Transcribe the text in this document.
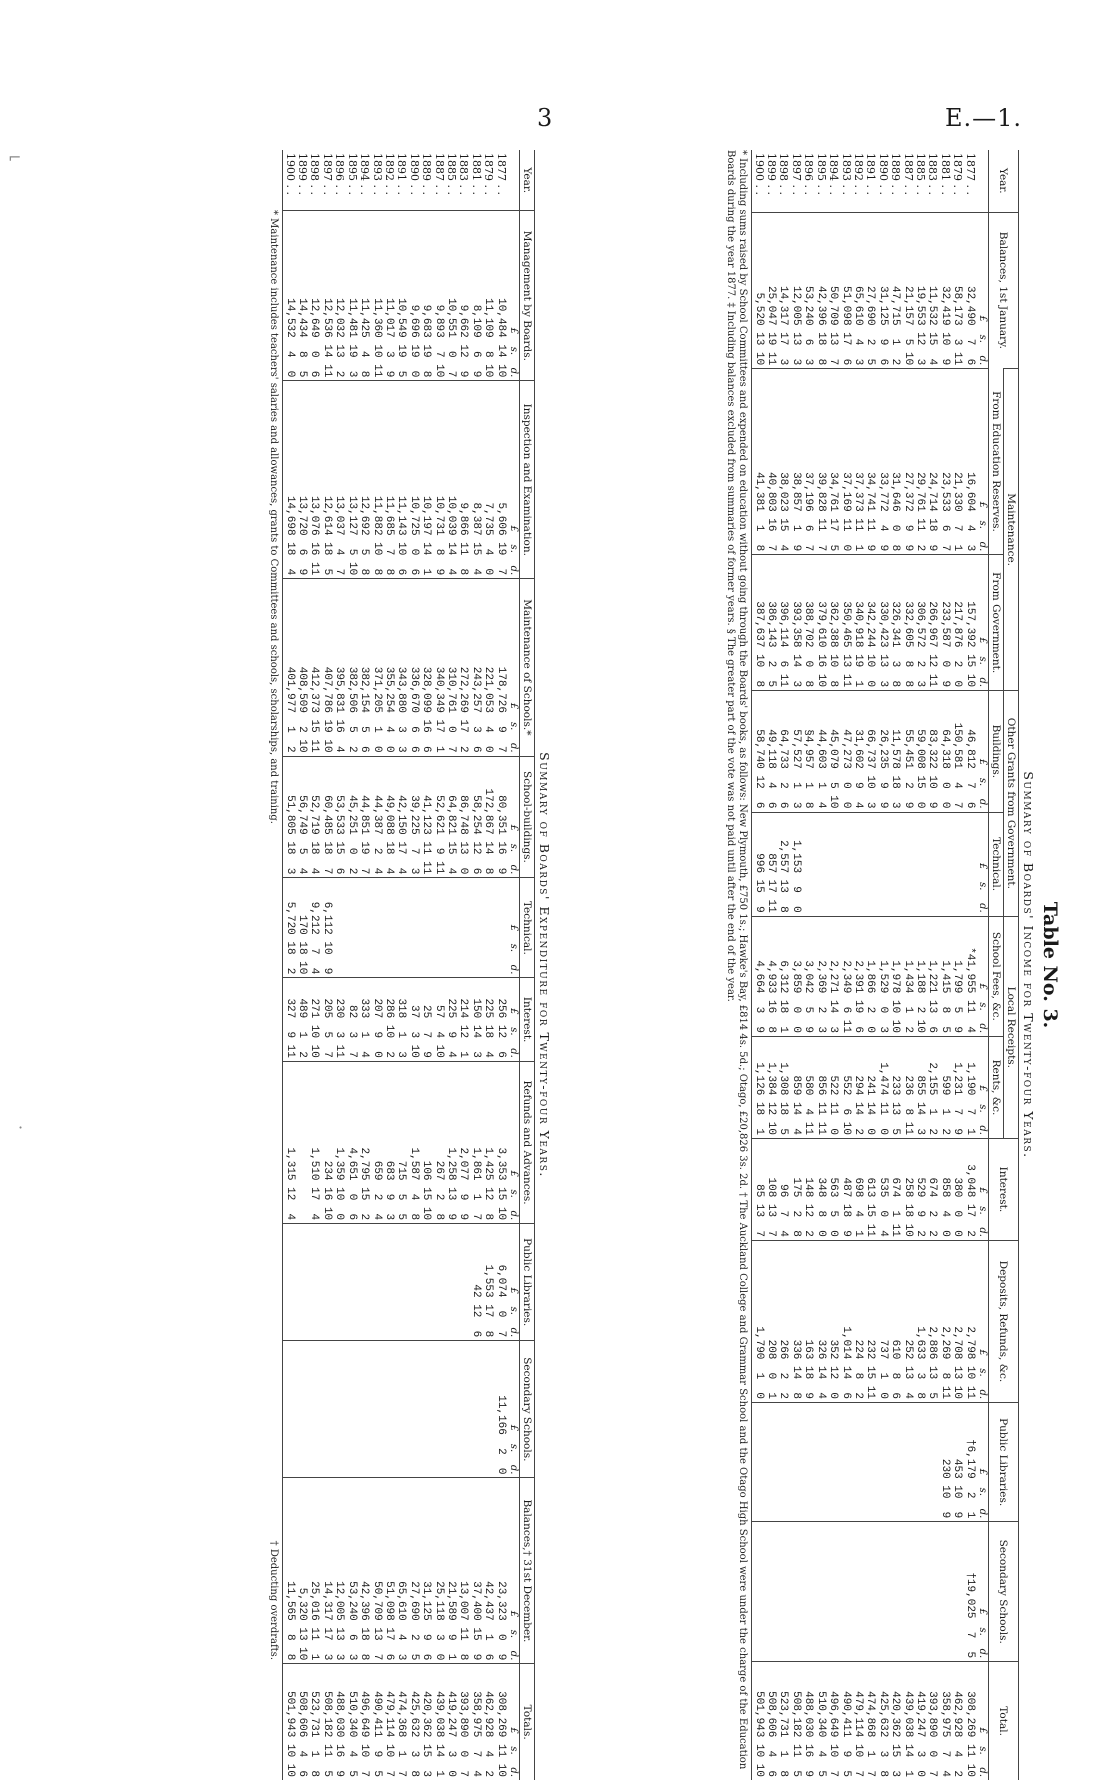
3	E.—1.
⌐
·
Table No. 3.
Summary of Boards' Income for Twenty-four Years.
Year.	Balances, 1st January.	Maintenance.		Other Grants from Government.		Local Receipts.		Interest.	Deposits, Refunds, &c.	Public Libraries.	Secondary Schools.	Total.
		From Education Reserves.	From Government.	Buildings.	Technical.	School Fees, &c.	Rents, &c.					
	£    s.    d.	£    s.    d.	£    s.    d.	£    s.    d.	£    s.    d.	£    s.    d.	£    s.    d.	£    s.    d.	£    s.    d.	£    s.    d.	£    s.    d.	£    s.    d.
1877 . .	32,490  7  6	16,604  4  3	157,392 15 10	46,812  7  6		*41,955 11  4	1,190  7  1	3,048 17  2	2,798 10 11	†6,179  2  1	†19,025  7  5	308,269 11 10
1879 . .	58,173  3 11	21,330  7  1	217,876  2  0	150,581  4  7		1,799  5  9	1,231  7  9	380  0  0	2,708 13 10	453 10  9		462,928  4  2
1881 . .	32,419 10  9	23,533  6  7	233,587  0  9	64,318  0  0		1,415  8  5	599  1  2	858  4  0	2,269  8 11	230 10  9		358,975  7  4
1883 . .	11,532 15  4	24,714 18  9	266,967 12 11	83,322 10  9		1,221 13  6	2,155  1  2	674  2  2	2,886 13  5			393,890  0  7
1885 . .	19,553 12  3	29,761 11  2	306,572  2  3	59,008 15  0		1,188  2 10	855 14  3	529  9  2	1,633  3  8			419,247  3  0
1887 . .	21,157  5 10	27,372  9  9	332,605  8  8	55,451  2  9		1,434  1  2	236  8 11	258 18 10	252 13  4			439,038 14  1
1889 . .	47,715  1  2	31,646  0  8	326,341  3  8	11,578 18  3		1,978 10 10	233 13  5	674  1 11	610  8  6			420,362 15  3
1890 . .	31,125  9  6	33,772  4  9	330,423 13  3	26,235  9  9		1,529  0  3	1,474 11  0	535  0  4	737  1  0			425,632  3  8
1891 . .	27,690  2  5	34,741 11  9	342,244 10  0	66,737 10  3		1,866  2  0	241 14  0	613 15 11	232 15 11			474,868  1  7
1892 . .	65,610  4  3	37,373 11  1	340,918 19  1	31,602  9  4		2,391 19  6	294 14  2	698  4  1	224  8  2			479,114 10  7
1893 . .	51,098 17  6	37,169 11  0	350,465 13 11	47,273  0  0		2,349  6 11	552  6 10	487 18  9	1,014 14  6			490,411  9  5
1894 . .	50,709 13  7	34,761 17  5	362,388 10  8	45,079  5 10		2,271 14  3	522 11  0	563  5  0	352 12  0			496,649 10  7
1895 . .	42,396 18  8	39,828 11  7	379,610 16 10	44,603  1  4		2,369  2  3	856 11 11	348  8  0	326 14  4			510,340  4  5
1896 . .	53,240  6  3	37,196  6  7	388,702  0  8	§4,957  1  8		3,042  5  9	580  4 11	148 12  2	163 18  9			488,030 16  9
1897 . .	12,005 13  3	38,857  1  9	393,358 14  3	57,527  1  3	1,153  9  0	3,859  0  0	859 14  4	175  2  8	336 14  8			508,182 11  5
1898 . .	14,317 17  3	38,023 15  4	396,114  6 11	64,733  2  6	2,557 13  8	6,312 18  1	1,308 18  5	96  7  4	266  2  2			523,731  1  8
1899 . .	25,047 19 11	40,803 16  7	386,143  2  5	49,118  4  6	857 17 11	4,933 16  8	1,384 12 10	108 13  7	208  0  1			508,606  4  6
1900 . .	5,520 13 10	41,381  1  8	387,637 10  8	58,740 12  6	996 15  9	4,664  3  9	1,126 18  1	85 13  7	1,790  1  0			501,943 10 10

* Including sums raised by School Committees and expended on education without going through the Boards' books, as follows: New Plymouth, £750 1s.; Hawke's Bay, £814 4s. 5d.; Otago, £20,826 3s. 2d. † The Auckland College and Grammar School and the Otago High School were under the charge of the Education Boards during the year 1877. ‡ Including balances excluded from summaries of former years. § The greater part of the vote was not paid until after the end of the year.

Summary of Boards' Expenditure for Twenty-four Years.
Year.	Management by Boards.	Inspection and Examination.	Maintenance of Schools.*	School-buildings.	Technical.	Interest.	Refunds and Advances.	Public Libraries.	Secondary Schools.	Balances,† 31st December.	Totals.
	£    s.    d.	£    s.    d.	£    s.    d.	£    s.    d.	£    s.    d.	£    s.    d.	£    s.    d.	£    s.    d.	£    s.    d.	£    s.    d.	£    s.    d.
1877 . .	10,484 14 10	5,606 19  7	178,726  9  7	80,351 16  9		256 12  6	3,353 15 10	6,074  0  7	11,166  2  0	23,323  0  9	308,269 11 10
1879 . .	11,109  8 10	7,735  4  0	221,053  4  0	172,867 14  8		225 18  4	1,425 12  8	1,553 17  8		42,437  1  6	462,928  4  2
1881 . .	8,109  6  9	8,387 15  4	243,257  3  6	58,254 12  6		150 14  3	1,861  1  7	42 12  6		37,400 15  9	358,975  7  4
1883 . .	9,662 12  9	9,866 11  8	272,269 17  2	86,748 13  0		214 12  1	2,077  9  9			13,007 11  8	393,890  0  7
1885 . .	10,551  0  7	10,039 14  4	310,761  0  7	64,821 15  4		225  9  4	1,258 13  9			21,589  9  1	419,247  3  0
1887 . .	9,893  7 10	10,731  8  9	340,349 17  1	52,621  9 11		57  4 10	267  2  8			25,118  3  0	439,038 14  1
1889 . .	9,683 19  8	10,197 14  1	328,099 16  6	41,123 11 11		25  7  9	106 15 10			31,125  9  6	420,362 15  3
1890 . .	9,696 19  0	10,725  0  6	336,670  6  6	39,225  7  3		37  3 10	1,587  4  8			27,690  2  5	425,632  3  8
1891 . .	10,549 19  5	11,143 10  6	343,880  3  3	42,150 17  4		318  1  3	715  5  5			65,610  4  3	474,368  1  7
1892 . .	11,017  3  9	11,685  7  8	355,254  4  0	49,088 18  4		286 10  2	683  9  3			51,098 17  6	479,114 10  7
1893 . .	11,360 10 11	11,882 10  8	371,205  1  0	44,387  2  4		207  9  0	659  2  4			50,709 13  7	490,411  9  5
1894 . .	11,425  4  8	12,692  5  8	382,154  5  6	44,851 19  7		333  1  4	2,795 15  2			42,396 18  8	496,649 10  7
1895 . .	11,481 19  3	13,127  5 10	382,506  5  2	45,251  0  2		82  3  7	4,651  0  6			53,240  6  3	510,340  4  5
1896 . .	12,032 13  2	13,037  4  7	395,831 16  4	53,533 15  6		230  3 11	1,359 10  0			12,005 13  3	488,030 16  9
1897 . .	12,536 14 11	12,614 18  5	407,786 19 10	60,485 18  7	6,112 10  9	205  5  7	234 16 10			14,317 17  3	508,182 11  5
1898 . .	12,649  0  6	13,076 16 11	412,373 15 11	52,719 18  4	9,212  7  4	271 10 10	1,510 17  4			25,016 11  1	523,731  1  8
1899 . .	14,434  8  5	13,720  6  9	408,509  2 10	56,749  5  4	170 18 10	489  1  2				5,320 13 10	508,606  4  6
1900 . .	14,532  4  0	14,698 18  4	401,977  1  2	51,805 18  3	5,720 18  2	327  9 11	1,315 12  4			11,565  8  8	501,943 10 10
* Maintenance includes teachers' salaries and allowances, grants to Committees and schools, scholarships, and training.
† Deducting overdrafts.
